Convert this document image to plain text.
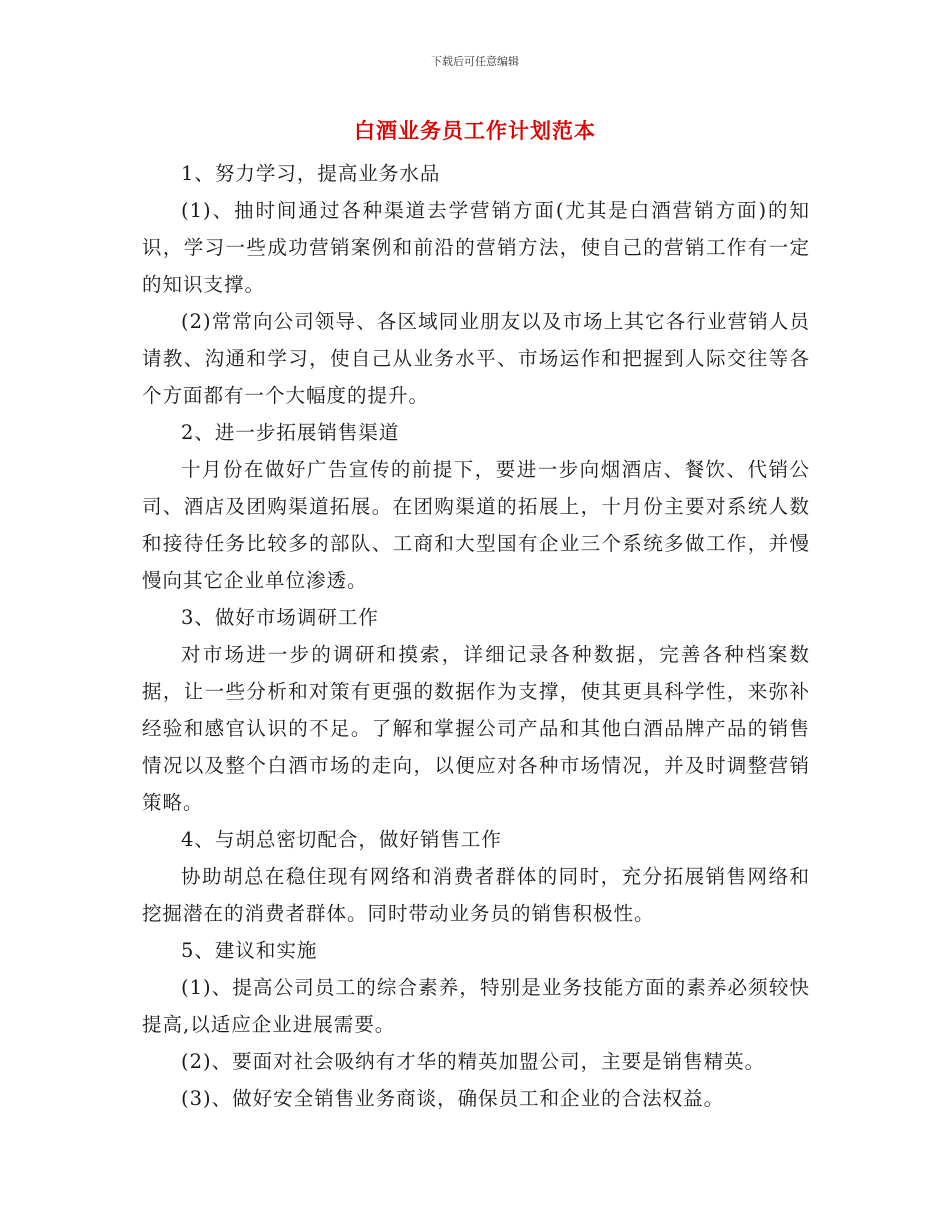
下载后可任意编辑
白酒业务员工作计划范本

1、努力学习，提高业务水品

(1)、抽时间通过各种渠道去学营销方面(尤其是白酒营销方面)的知识，学习一些成功营销案例和前沿的营销方法，使自己的营销工作有一定的知识支撑。

(2)常常向公司领导、各区域同业朋友以及市场上其它各行业营销人员请教、沟通和学习，使自己从业务水平、市场运作和把握到人际交往等各个方面都有一个大幅度的提升。

2、进一步拓展销售渠道

十月份在做好广告宣传的前提下，要进一步向烟酒店、餐饮、代销公司、酒店及团购渠道拓展。在团购渠道的拓展上，十月份主要对系统人数和接待任务比较多的部队、工商和大型国有企业三个系统多做工作，并慢慢向其它企业单位渗透。

3、做好市场调研工作

对市场进一步的调研和摸索，详细记录各种数据，完善各种档案数据，让一些分析和对策有更强的数据作为支撑，使其更具科学性，来弥补经验和感官认识的不足。了解和掌握公司产品和其他白酒品牌产品的销售情况以及整个白酒市场的走向，以便应对各种市场情况，并及时调整营销策略。

4、与胡总密切配合，做好销售工作

协助胡总在稳住现有网络和消费者群体的同时，充分拓展销售网络和挖掘潜在的消费者群体。同时带动业务员的销售积极性。

5、建议和实施

(1)、提高公司员工的综合素养，特别是业务技能方面的素养必须较快提高,以适应企业进展需要。

(2)、要面对社会吸纳有才华的精英加盟公司，主要是销售精英。

(3)、做好安全销售业务商谈，确保员工和企业的合法权益。
